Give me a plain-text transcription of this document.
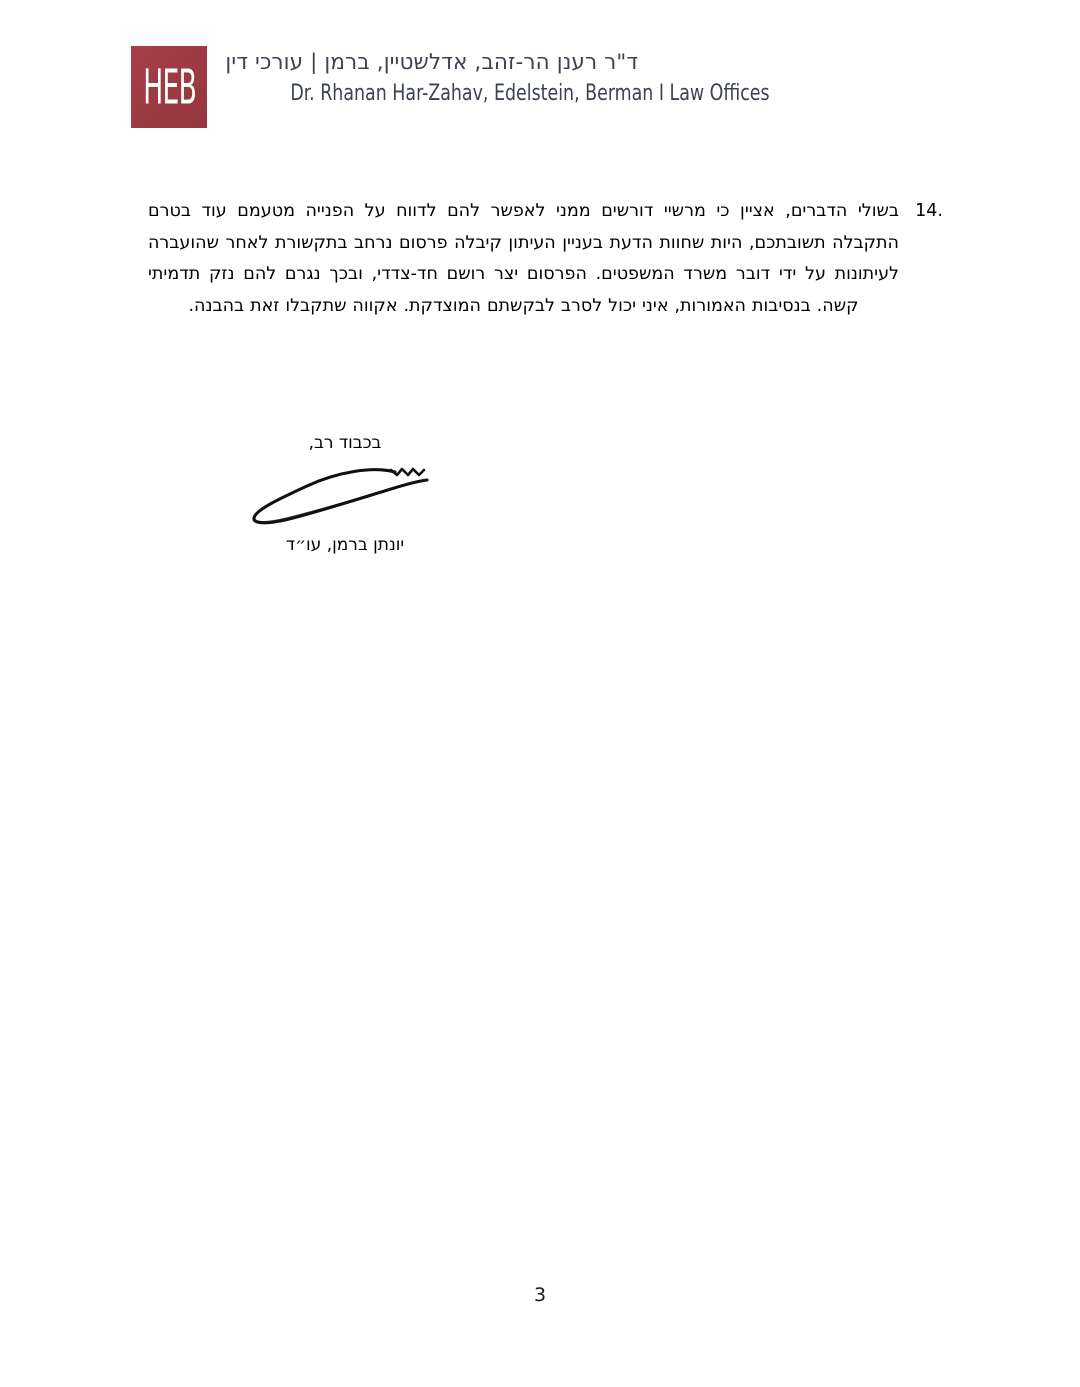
HEB ד"ר רענן הר-זהב, אדלשטיין, ברמן | עורכי דין
Dr. Rhanan Har-Zahav, Edelstein, Berman I Law Offices
14.
בשולי הדברים, אציין כי מרשיי דורשים ממני לאפשר להם לדווח על הפנייה מטעמם עוד בטרם התקבלה תשובתכם, היות שחוות הדעת בעניין העיתון קיבלה פרסום נרחב בתקשורת לאחר שהועברה לעיתונות על ידי דובר משרד המשפטים. הפרסום יצר רושם חד-צדדי, ובכך נגרם להם נזק תדמיתי קשה. בנסיבות האמורות, איני יכול לסרב לבקשתם המוצדקת. אקווה שתקבלו זאת בהבנה.
בכבוד רב,
יונתן ברמן, עו״ד
3
